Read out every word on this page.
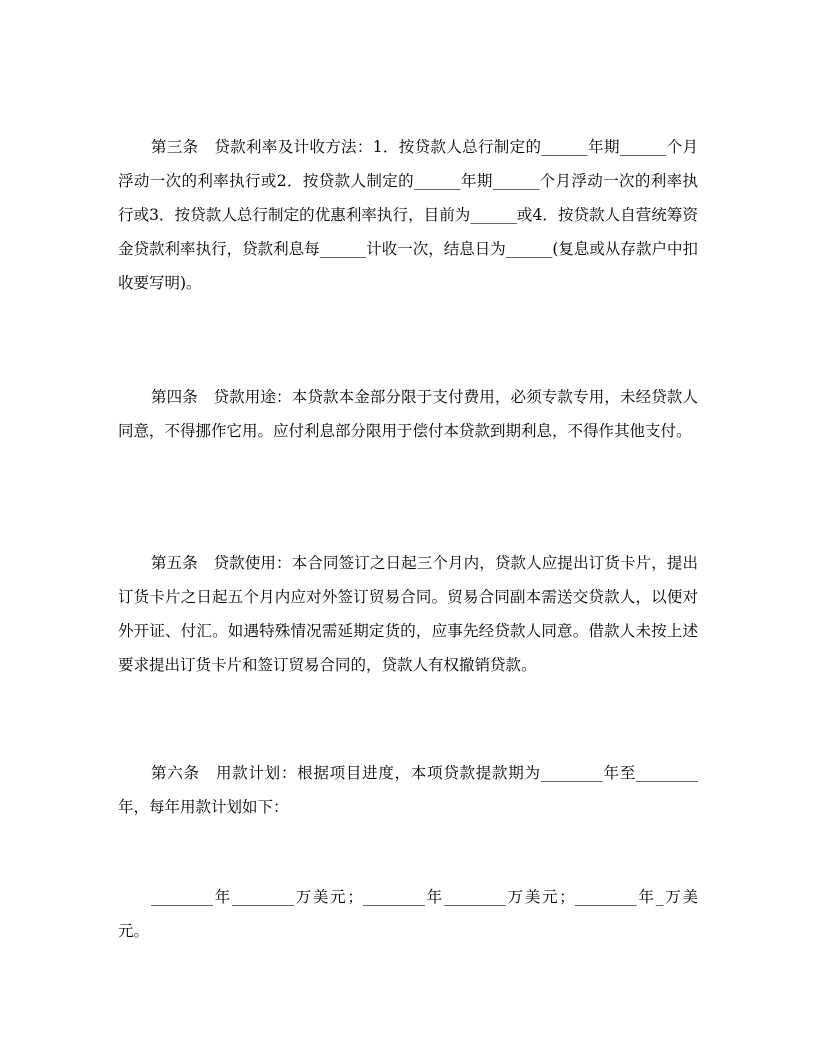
第三条　贷款利率及计收方法：1．按贷款人总行制定的______年期______个月浮动一次的利率执行或2．按贷款人制定的______年期______个月浮动一次的利率执行或3．按贷款人总行制定的优惠利率执行，目前为______或4．按贷款人自营统筹资金贷款利率执行，贷款利息每______计收一次，结息日为______(复息或从存款户中扣收要写明)。

第四条　贷款用途：本贷款本金部分限于支付费用，必须专款专用，未经贷款人同意，不得挪作它用。应付利息部分限用于偿付本贷款到期利息，不得作其他支付。

第五条　贷款使用：本合同签订之日起三个月内，贷款人应提出订货卡片，提出订货卡片之日起五个月内应对外签订贸易合同。贸易合同副本需送交贷款人，以便对外开证、付汇。如遇特殊情况需延期定货的，应事先经贷款人同意。借款人未按上述要求提出订货卡片和签订贸易合同的，贷款人有权撤销贷款。

第六条　用款计划：根据项目进度，本项贷款提款期为________年至________年，每年用款计划如下：

________年________万美元；________年________万美元；________年_万美元。
